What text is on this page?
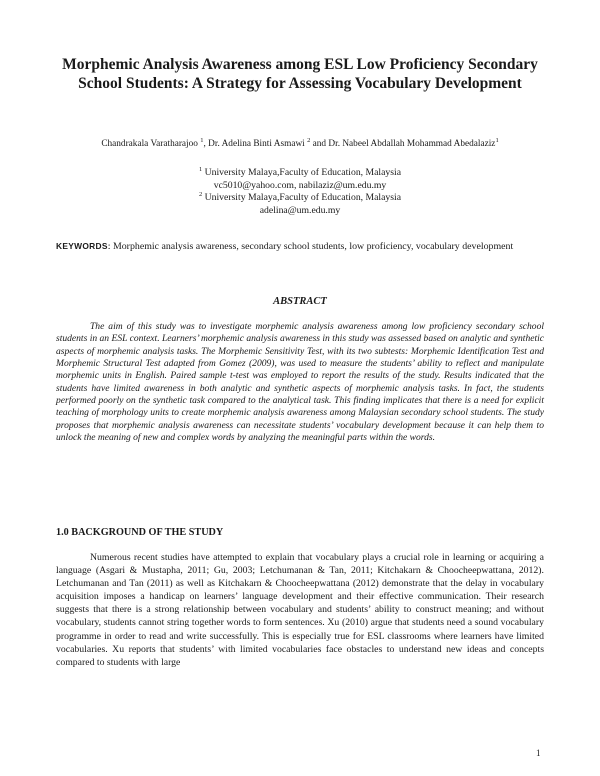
Morphemic Analysis Awareness among ESL Low Proficiency Secondary School Students: A Strategy for Assessing Vocabulary Development
Chandrakala Varatharajoo $^1$, Dr. Adelina Binti Asmawi $^2$ and Dr. Nabeel Abdallah Mohammad Abedalaziz$^1$
$^1$ University Malaya,Faculty of Education, Malaysia
vc5010@yahoo.com, nabilaziz@um.edu.my
$^2$ University Malaya,Faculty of Education, Malaysia
adelina@um.edu.my
KEYWORDS: Morphemic analysis awareness, secondary school students, low proficiency, vocabulary development
ABSTRACT
The aim of this study was to investigate morphemic analysis awareness among low proficiency secondary school students in an ESL context. Learners’ morphemic analysis awareness in this study was assessed based on analytic and synthetic aspects of morphemic analysis tasks. The Morphemic Sensitivity Test, with its two subtests: Morphemic Identification Test and Morphemic Structural Test adapted from Gomez (2009), was used to measure the students’ ability to reflect and manipulate morphemic units in English. Paired sample t-test was employed to report the results of the study. Results indicated that the students have limited awareness in both analytic and synthetic aspects of morphemic analysis tasks. In fact, the students performed poorly on the synthetic task compared to the analytical task. This finding implicates that there is a need for explicit teaching of morphology units to create morphemic analysis awareness among Malaysian secondary school students. The study proposes that morphemic analysis awareness can necessitate students’ vocabulary development because it can help them to unlock the meaning of new and complex words by analyzing the meaningful parts within the words.
1.0 BACKGROUND OF THE STUDY
Numerous recent studies have attempted to explain that vocabulary plays a crucial role in learning or acquiring a language (Asgari & Mustapha, 2011; Gu, 2003; Letchumanan & Tan, 2011; Kitchakarn & Choocheepwattana, 2012). Letchumanan and Tan (2011) as well as Kitchakarn & Choocheepwattana (2012) demonstrate that the delay in vocabulary acquisition imposes a handicap on learners’ language development and their effective communication. Their research suggests that there is a strong relationship between vocabulary and students’ ability to construct meaning; and without vocabulary, students cannot string together words to form sentences. Xu (2010) argue that students need a sound vocabulary programme in order to read and write successfully. This is especially true for ESL classrooms where learners have limited vocabularies. Xu reports that students’ with limited vocabularies face obstacles to understand new ideas and concepts compared to students with large
1
